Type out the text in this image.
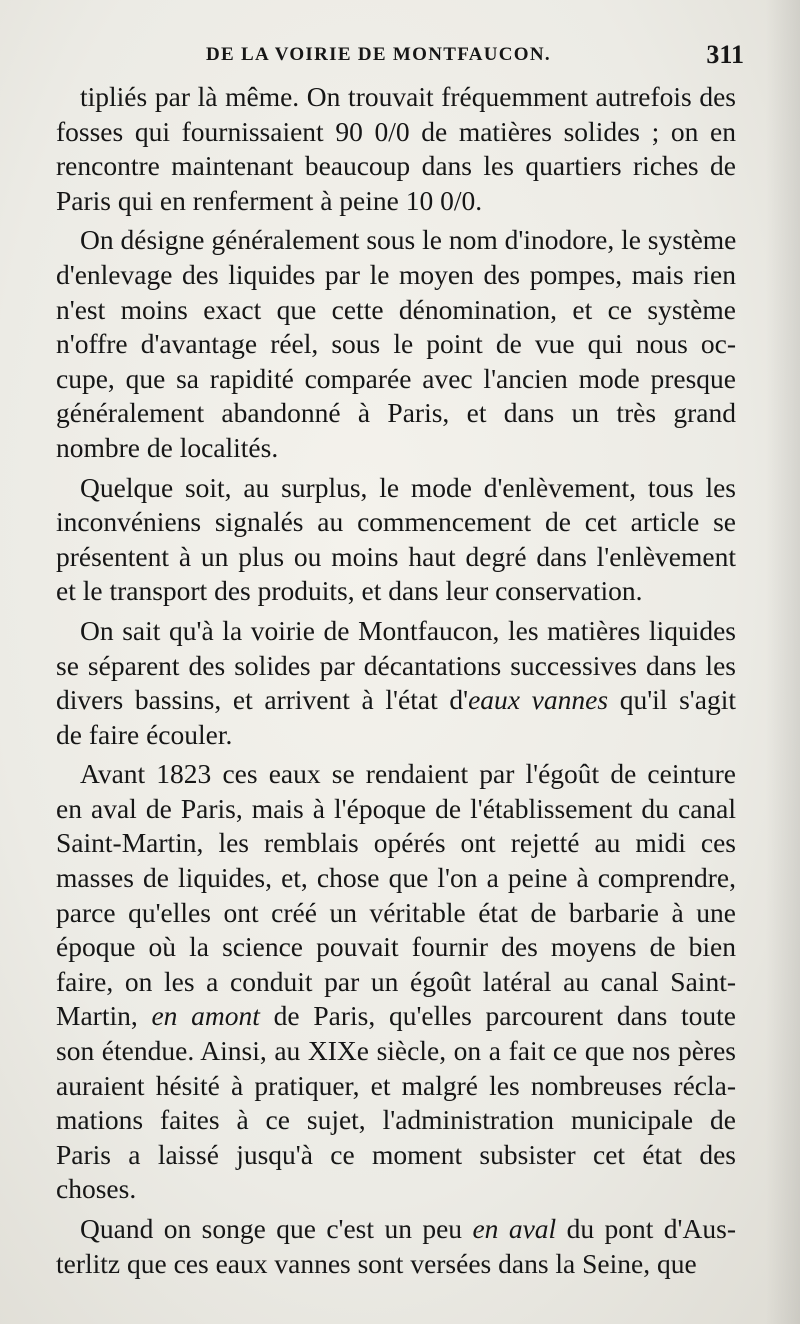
DE LA VOIRIE DE MONTFAUCON.	311
tipliés par là même. On trouvait fréquemment autrefois des
fosses qui fournissaient 90 0/0 de matières solides ; on en
rencontre maintenant beaucoup dans les quartiers riches de
Paris qui en renferment à peine 10 0/0.
On désigne généralement sous le nom d'inodore, le système
d'enlevage des liquides par le moyen des pompes, mais rien
n'est moins exact que cette dénomination, et ce système
n'offre d'avantage réel, sous le point de vue qui nous oc-
cupe, que sa rapidité comparée avec l'ancien mode presque
généralement abandonné à Paris, et dans un très grand
nombre de localités.
Quelque soit, au surplus, le mode d'enlèvement, tous les
inconvéniens signalés au commencement de cet article se
présentent à un plus ou moins haut degré dans l'enlèvement
et le transport des produits, et dans leur conservation.
On sait qu'à la voirie de Montfaucon, les matières liquides
se séparent des solides par décantations successives dans les
divers bassins, et arrivent à l'état d'eaux vannes qu'il s'agit
de faire écouler.
Avant 1823 ces eaux se rendaient par l'égoût de ceinture
en aval de Paris, mais à l'époque de l'établissement du canal
Saint-Martin, les remblais opérés ont rejetté au midi ces
masses de liquides, et, chose que l'on a peine à comprendre,
parce qu'elles ont créé un véritable état de barbarie à une
époque où la science pouvait fournir des moyens de bien
faire, on les a conduit par un égoût latéral au canal Saint-
Martin, en amont de Paris, qu'elles parcourent dans toute
son étendue. Ainsi, au XIXe siècle, on a fait ce que nos pères
auraient hésité à pratiquer, et malgré les nombreuses récla-
mations faites à ce sujet, l'administration municipale de
Paris a laissé jusqu'à ce moment subsister cet état des
choses.
Quand on songe que c'est un peu en aval du pont d'Aus-
terlitz que ces eaux vannes sont versées dans la Seine, que
